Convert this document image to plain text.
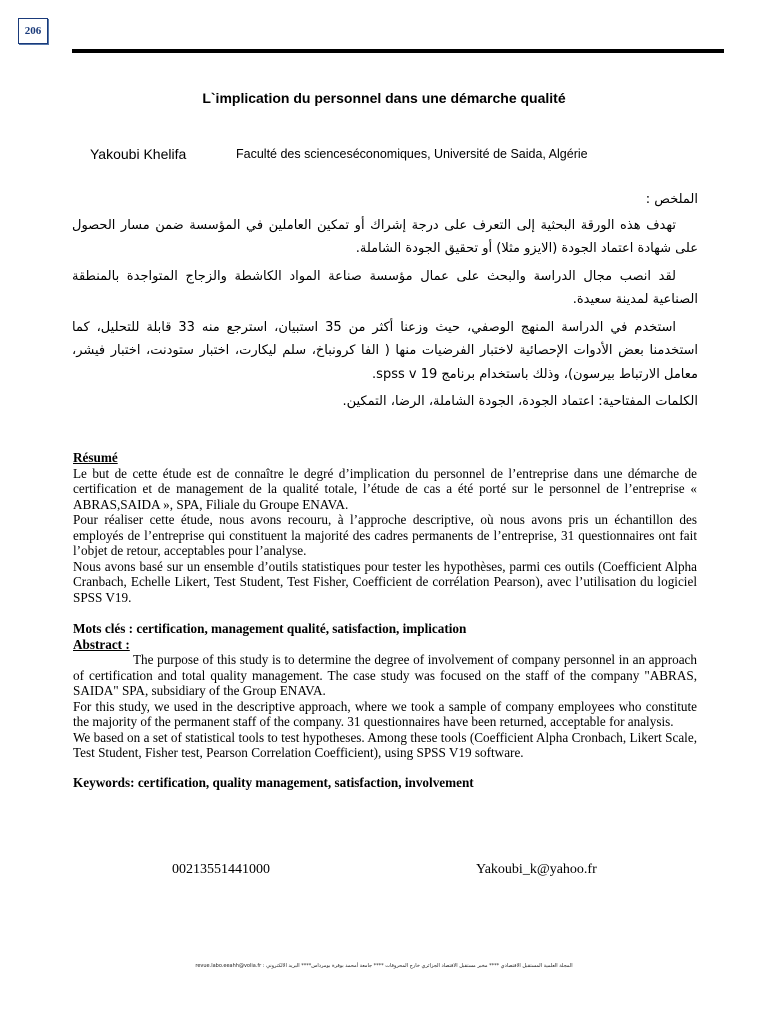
206
L`implication du personnel dans une démarche qualité
Yakoubi Khelifa	Faculté des scienceséconomiques, Université de Saida, Algérie

الملخص :

تهدف هذه الورقة البحثية إلى التعرف على درجة إشراك أو تمكين العاملين في المؤسسة ضمن مسار الحصول على شهادة اعتماد الجودة (الايزو مثلا) أو تحقيق الجودة الشاملة.

لقد انصب مجال الدراسة والبحث على عمال مؤسسة صناعة المواد الكاشطة والزجاج المتواجدة بالمنطقة الصناعية لمدينة سعيدة.

استخدم في الدراسة المنهج الوصفي، حيث وزعنا أكثر من 35 استبيان، استرجع منه 33 قابلة للتحليل، كما استخدمنا بعض الأدوات الإحصائية لاختبار الفرضيات منها ( الفا كرونباخ، سلم ليكارت، اختبار ستودنت، اختبار فيشر، معامل الارتباط بيرسون)، وذلك باستخدام برنامج spss v 19.

الكلمات المفتاحية: اعتماد الجودة، الجودة الشاملة، الرضا، التمكين.

Résumé

Le but de cette étude est de connaître le degré d’implication du personnel de l’entreprise dans une démarche de certification et de management de la qualité totale, l’étude de cas a été porté sur le personnel de l’entreprise « ABRAS,SAIDA », SPA, Filiale du Groupe ENAVA.

Pour réaliser cette étude, nous avons recouru, à l’approche descriptive, où nous avons pris un échantillon des employés de l’entreprise qui constituent la majorité des cadres permanents de l’entreprise, 31 questionnaires ont fait l’objet de retour, acceptables pour l’analyse.

Nous avons basé sur un ensemble d’outils statistiques pour tester les hypothèses, parmi ces outils (Coefficient Alpha Cranbach, Echelle Likert, Test Student, Test Fisher, Coefficient de corrélation Pearson), avec l’utilisation du logiciel SPSS V19.

Mots clés : certification, management qualité, satisfaction, implication

Abstract :

The purpose of this study is to determine the degree of involvement of company personnel in an approach of certification and total quality management. The case study was focused on the staff of the company "ABRAS, SAIDA" SPA, subsidiary of the Group ENAVA.

For this study, we used in the descriptive approach, where we took a sample of company employees who constitute the majority of the permanent staff of the company. 31 questionnaires have been returned, acceptable for analysis.

We based on a set of statistical tools to test hypotheses. Among these tools (Coefficient Alpha Cronbach, Likert Scale, Test Student, Fisher test, Pearson Correlation Coefficient), using SPSS V19 software.

Keywords: certification, quality management, satisfaction, involvement

00213551441000	Yakoubi_k@yahoo.fr
المجلة العلمية المستقبل الاقتصادي **** مخبر مستقبل الاقتصاد الجزائري خارج المحروقات **** جامعة أمحمد بوقرة بومرداس**** البريد الالكتروني : revue.labo.eeahh@volia.fr
